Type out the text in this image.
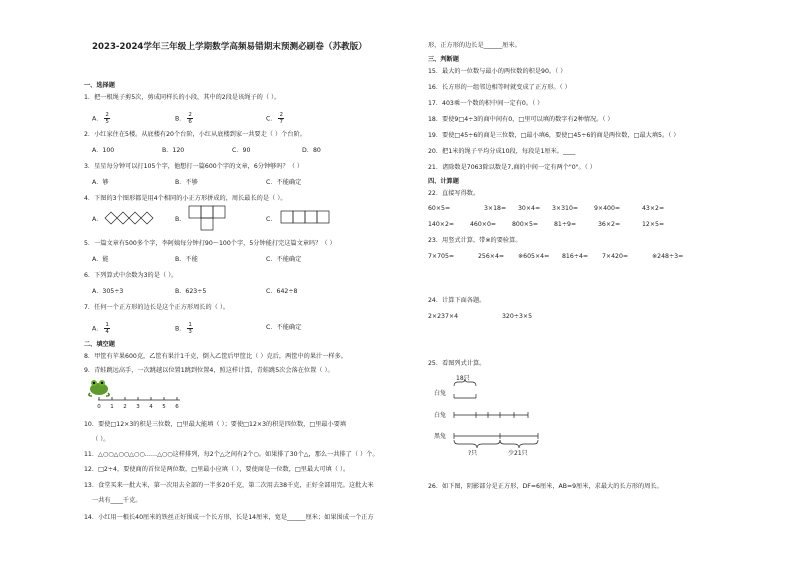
2023-2024学年三年级上学期数学高频易错期末预测必刷卷（苏教版）
一、选择题
1．把一根绳子剪5次，剪成同样长的小段，其中的2段是该绳子的（ ）。
A． $\frac{2}{5}$	B． $\frac{2}{6}$	C． $\frac{2}{7}$
2．小红家住在5楼。从底楼有20个台阶，小红从底楼到家一共要走（ ）个台阶。
A．100	B．120	C．90	D．80
3．星星每分钟可以打105个字，他想打一篇600个字的文章，6分钟够吗？（ ）
A．够	B．不够	C．不能确定
4．下图的3个图形都是用4个相同的小正方形拼成的，周长最长的是（ ）。
A．	B．	C．
5．一篇文章有500多个字，李阿姨每分钟打90～100个字，5分钟能打完这篇文章吗？（ ）
A．能	B．不能	C．不能确定
6．下列算式中余数为3的是（ ）。
A．305÷3	B．623÷5	C．642÷8
7．任何一个正方形的边长是这个正方形周长的（ ）。
A． $\frac{1}{4}$	B． $\frac{1}{3}$	C．不能确定
二、填空题
8．甲筐有苹果600克，乙筐有果汁1千克，倒入乙筐后甲筐比（ ）克后，两筐中的果汁一样多。
9．青蛙跳远高手，一次跳越以位置1跳到位置4，照这样计算，青蛙跳5次会落在位置（ ）。
0 1 2 3 4 5 6
10．要使□12×3的积是三位数，□里最大能填（ ）；要使□12×3的积是四位数，□里最小要填
（ ）。
11．△○○△○○△○○……△○○这样排列，每2个△之间有2个○。如果排了30个△，那么一共排了（ ）个。
12．□2÷4，要使商的首位是两位数，□里最小应填（ ），要使商是一位数，□里最大可填（ ）。
13．食堂买来一批大米，第一次用去全部的一半多20千克，第二次用去38千克，正好全部用完。这批大米
一共有____千克。
14．小红用一根长40厘米的铁丝正好围成一个长方形，长是14厘米，宽是______厘米；如果围成一个正方
形，正方形的边长是______厘米。
三、判断题
15．最大的一位数与最小的两位数的积是90。（ ）
16．长方形的一组邻边相等时就变成了正方形。（ ）
17．403乘一个数的积中间一定有0。（ ）
18．要使9□4÷3的商中间有0，□里可以填的数字有2种情况。（ ）
19．要使□45÷6的商是三位数，□最小填6，要使□45÷6的商是两位数，□最大填5。（ ）
20．把1米的绳子平均分成10段，每段是1厘米。____
21．诸除数是7063除以数是7,商的中间一定有两个"0"。（ ）
四、计算题
22．直接写得数。
60×5=	3×18= 30×4= 3×310=	9×400=	43×2=
140×2=	460×0=	800×5=	81÷9=	36×2=	12×5=
23．用竖式计算，带※的要验算。
7×705=	256×4= ※605×4= 816÷4= 7×420=	※248÷3=
24．计算下面各题。
2×237×4	320÷3×5
25．看图列式计算。
18只
白兔
白兔
黑兔
?只	少21只
26．如下图，阴影部分是正方形，DF=6厘米，AB=9厘米，求最大的长方形的周长。
